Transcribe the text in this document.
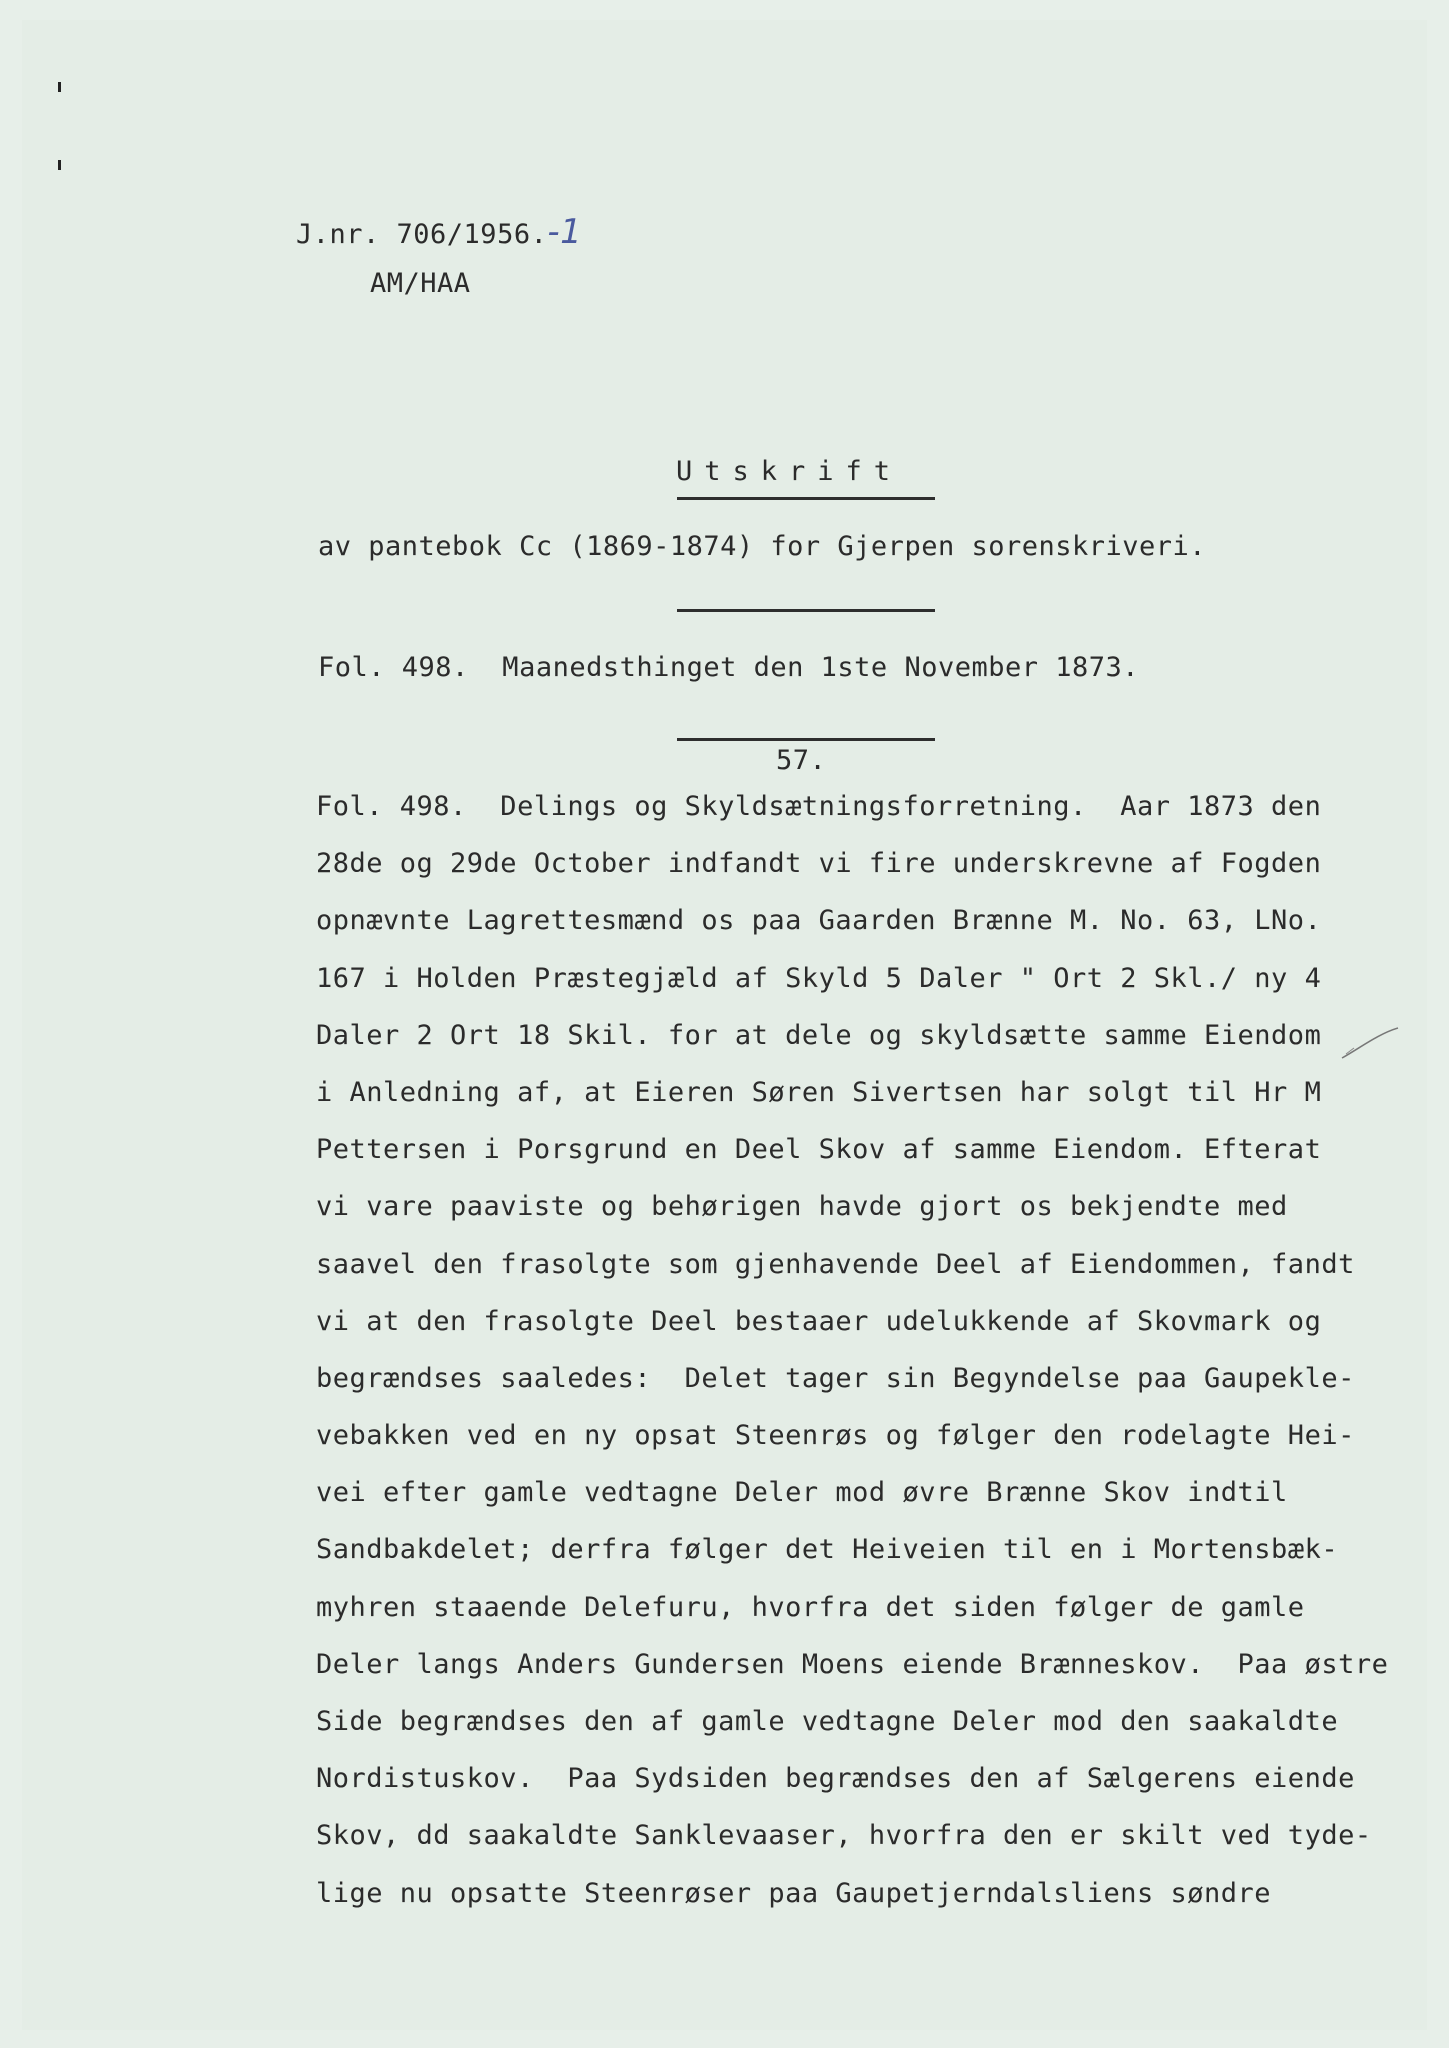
J.nr. 706/1956.-1
AM/HAA
Utskrift
av pantebok Cc (1869-1874) for Gjerpen sorenskriveri.
Fol. 498.  Maanedsthinget den 1ste November 1873.
57.
Fol. 498.  Delings og Skyldsætningsforretning.  Aar 1873 den
28de og 29de October indfandt vi fire underskrevne af Fogden
opnævnte Lagrettesmænd os paa Gaarden Brænne M. No. 63, LNo.
167 i Holden Præstegjæld af Skyld 5 Daler " Ort 2 Skl./ ny 4
Daler 2 Ort 18 Skil. for at dele og skyldsætte samme Eiendom
i Anledning af, at Eieren Søren Sivertsen har solgt til Hr M
Pettersen i Porsgrund en Deel Skov af samme Eiendom. Efterat
vi vare paaviste og behørigen havde gjort os bekjendte med
saavel den frasolgte som gjenhavende Deel af Eiendommen, fandt
vi at den frasolgte Deel bestaaer udelukkende af Skovmark og
begrændses saaledes:  Delet tager sin Begyndelse paa Gaupekle-
vebakken ved en ny opsat Steenrøs og følger den rodelagte Hei-
vei efter gamle vedtagne Deler mod øvre Brænne Skov indtil
Sandbakdelet; derfra følger det Heiveien til en i Mortensbæk-
myhren staaende Delefuru, hvorfra det siden følger de gamle
Deler langs Anders Gundersen Moens eiende Brænneskov.  Paa østre
Side begrændses den af gamle vedtagne Deler mod den saakaldte
Nordistuskov.  Paa Sydsiden begrændses den af Sælgerens eiende
Skov, dd saakaldte Sanklevaaser, hvorfra den er skilt ved tyde-
lige nu opsatte Steenrøser paa Gaupetjerndalsliens søndre
